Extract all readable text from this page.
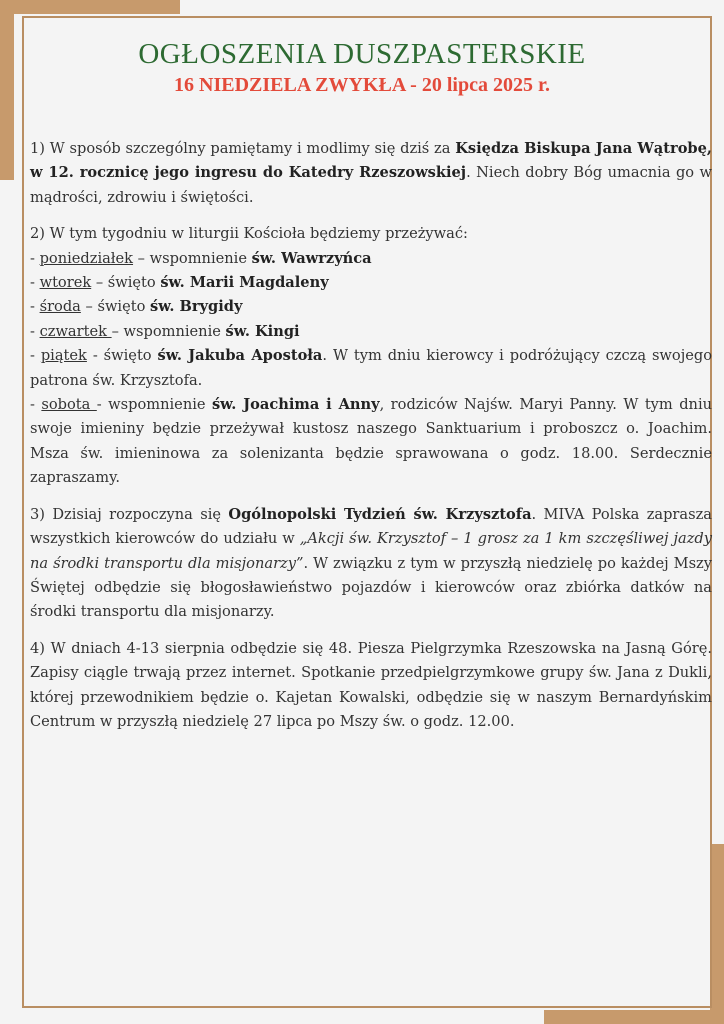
OGŁOSZENIA DUSZPASTERSKIE
16 NIEDZIELA ZWYKŁA - 20 lipca 2025 r.

1) W sposób szczególny pamiętamy i modlimy się dziś za Księdza Biskupa Jana Wątrobę, w 12. rocznicę jego ingresu do Katedry Rzeszowskiej. Niech dobry Bóg umacnia go w mądrości, zdrowiu i świętości.

2) W tym tygodniu w liturgii Kościoła będziemy przeżywać:
- poniedziałek – wspomnienie św. Wawrzyńca
- wtorek – święto św. Marii Magdaleny
- środa – święto św. Brygidy
- czwartek – wspomnienie św. Kingi
- piątek - święto św. Jakuba Apostoła. W tym dniu kierowcy i podróżujący czczą swojego patrona św. Krzysztofa.
- sobota - wspomnienie św. Joachima i Anny, rodziców Najśw. Maryi Panny. W tym dniu swoje imieniny będzie przeżywał kustosz naszego Sanktuarium i proboszcz o. Joachim. Msza św. imieninowa za solenizanta będzie sprawowana o godz. 18.00. Serdecznie zapraszamy.

3) Dzisiaj rozpoczyna się Ogólnopolski Tydzień św. Krzysztofa. MIVA Polska zaprasza wszystkich kierowców do udziału w „Akcji św. Krzysztof – 1 grosz za 1 km szczęśliwej jazdy na środki transportu dla misjonarzy”. W związku z tym w przyszłą niedzielę po każdej Mszy Świętej odbędzie się błogosławieństwo pojazdów i kierowców oraz zbiórka datków na środki transportu dla misjonarzy.

4) W dniach 4-13 sierpnia odbędzie się 48. Piesza Pielgrzymka Rzeszowska na Jasną Górę. Zapisy ciągle trwają przez internet. Spotkanie przedpielgrzymkowe grupy św. Jana z Dukli, której przewodnikiem będzie o. Kajetan Kowalski, odbędzie się w naszym Bernardyńskim Centrum w przyszłą niedzielę 27 lipca po Mszy św. o godz. 12.00.
